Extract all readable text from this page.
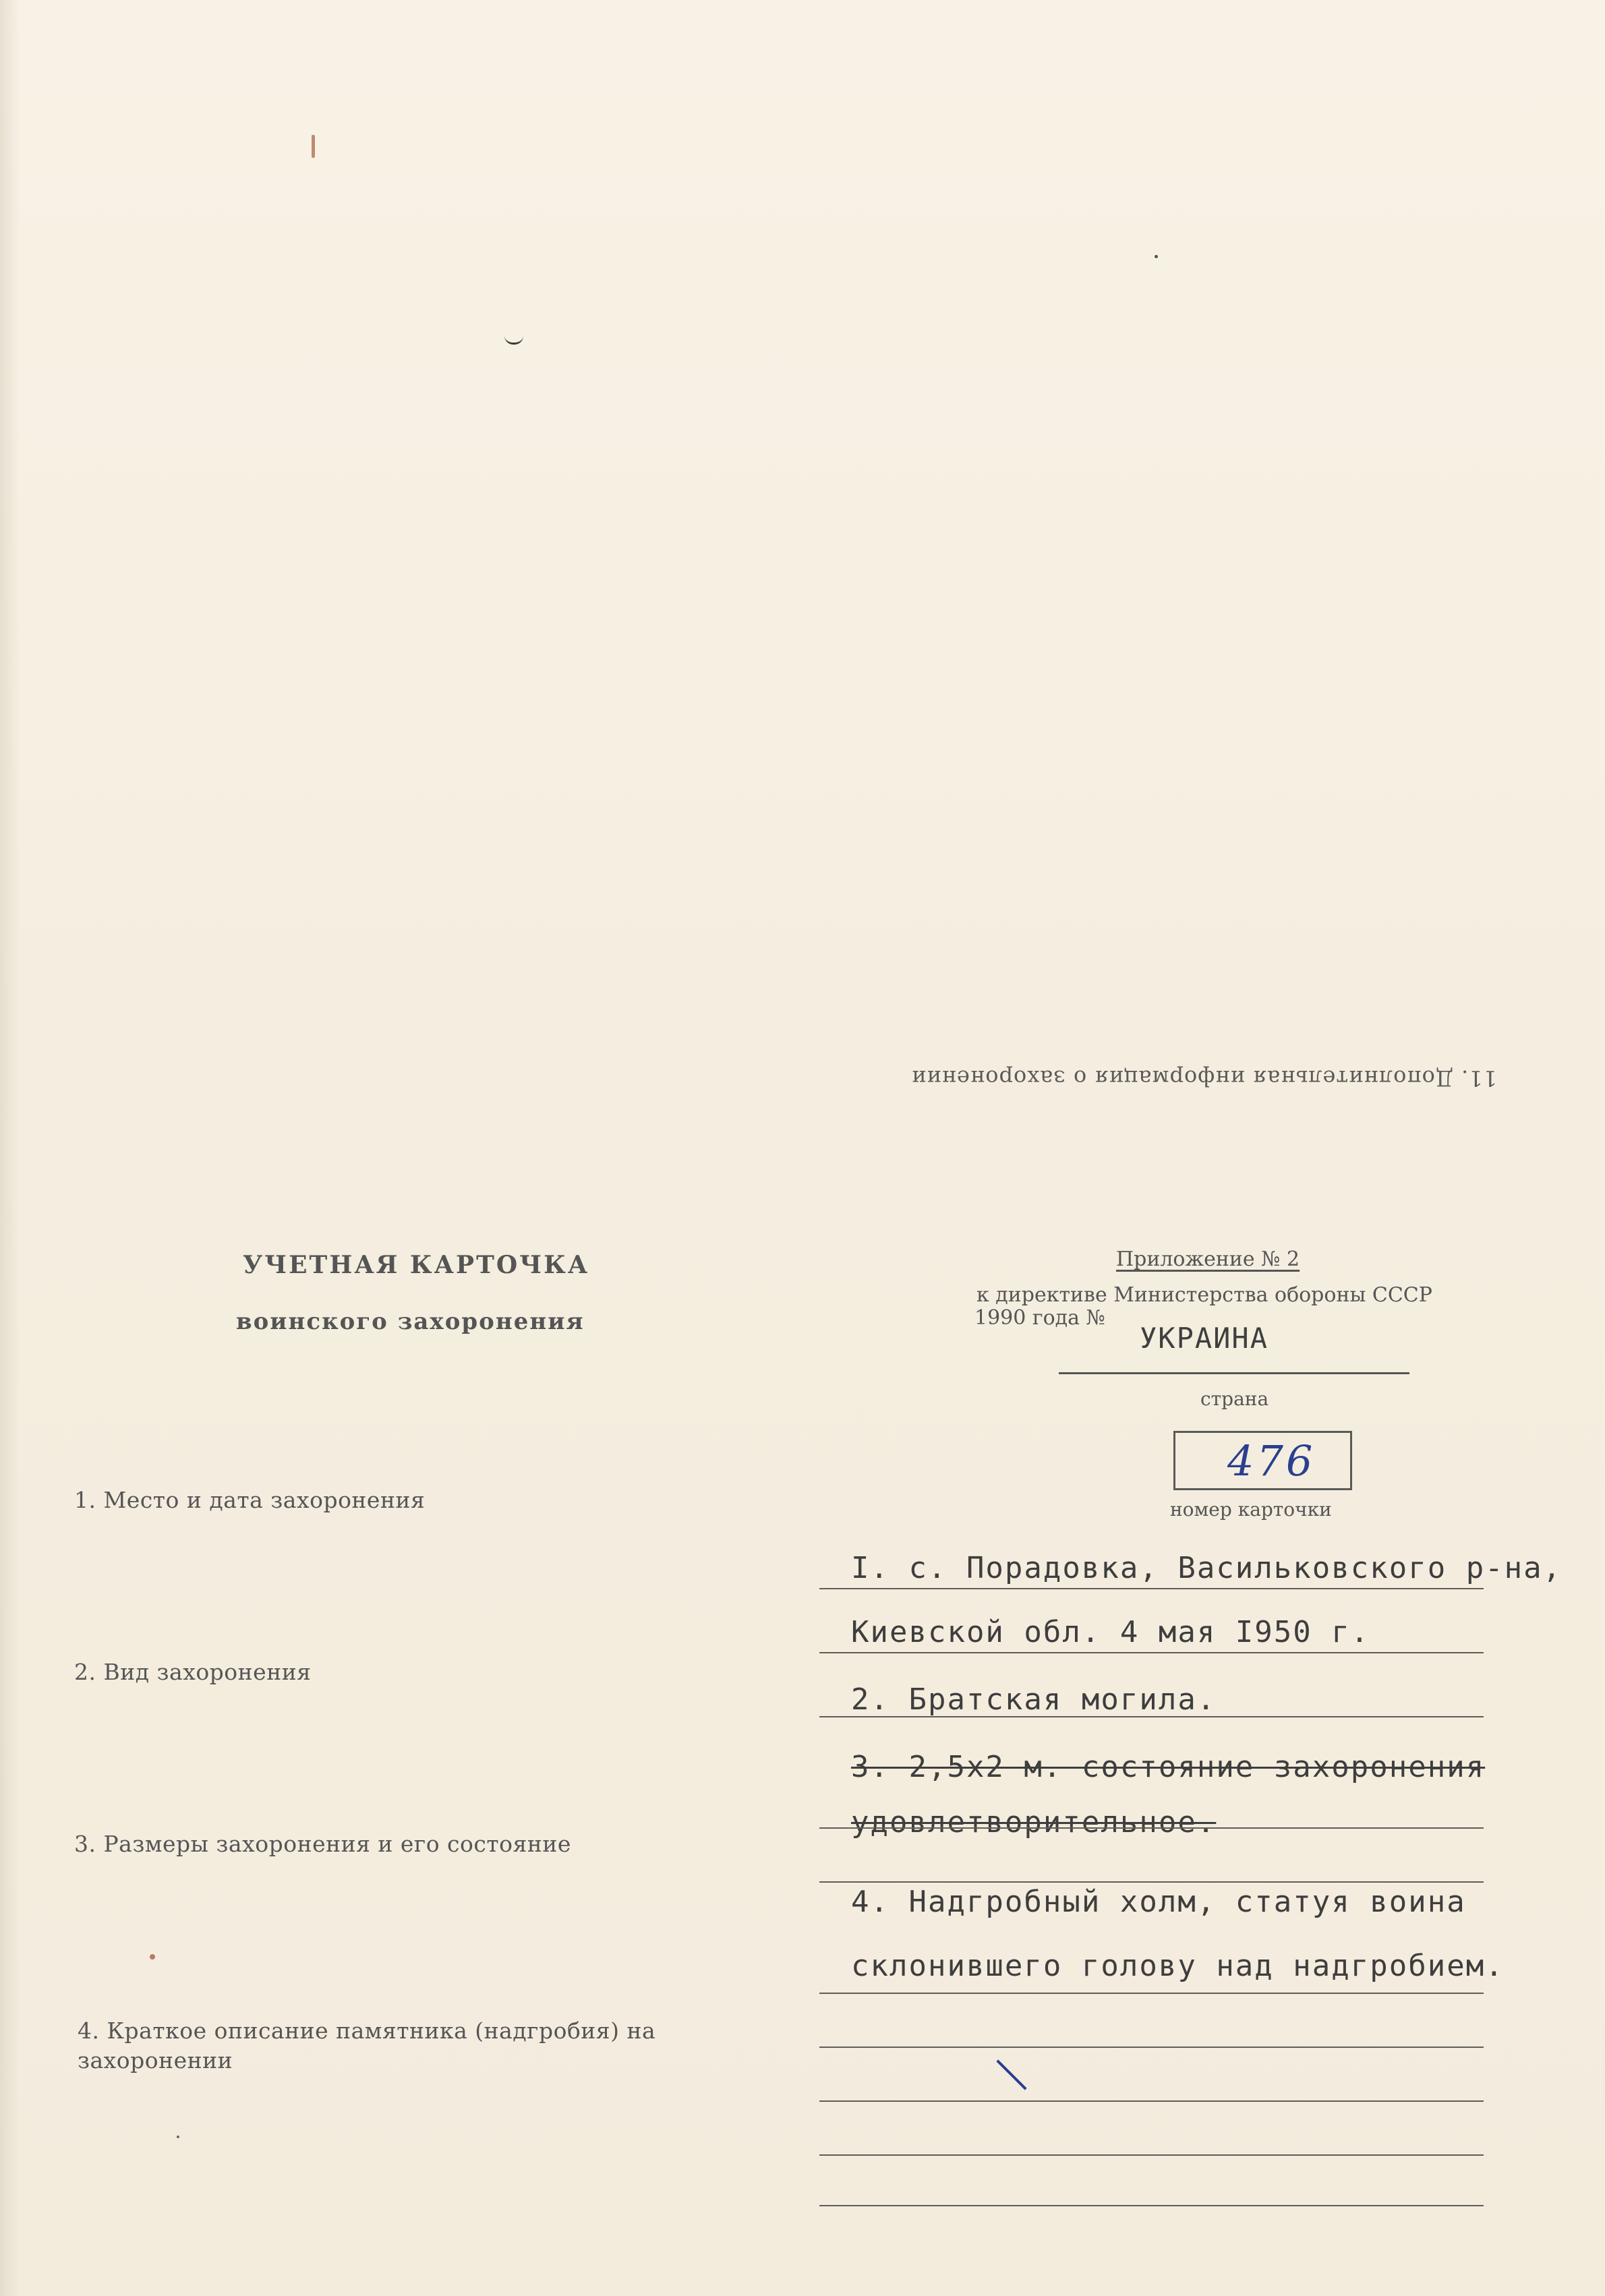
11. Дополнительная информация о захоронении
УЧЕТНАЯ КАРТОЧКА
воинского захоронения
Приложение № 2
к директиве Министерства обороны СССР
1990 года №
УКРАИНА
страна
476
номер карточки
1. Место и дата захоронения
2. Вид захоронения
3. Размеры захоронения и его состояние
4. Краткое описание памятника (надгробия) на захоронении
I. с. Порадовка, Васильковского р-на,
Киевской обл. 4 мая I950 г.
2. Братская могила.
3. 2,5х2 м. состояние захоронения
удовлетворительное.
4. Надгробный холм, статуя воина
склонившего голову над надгробием.
